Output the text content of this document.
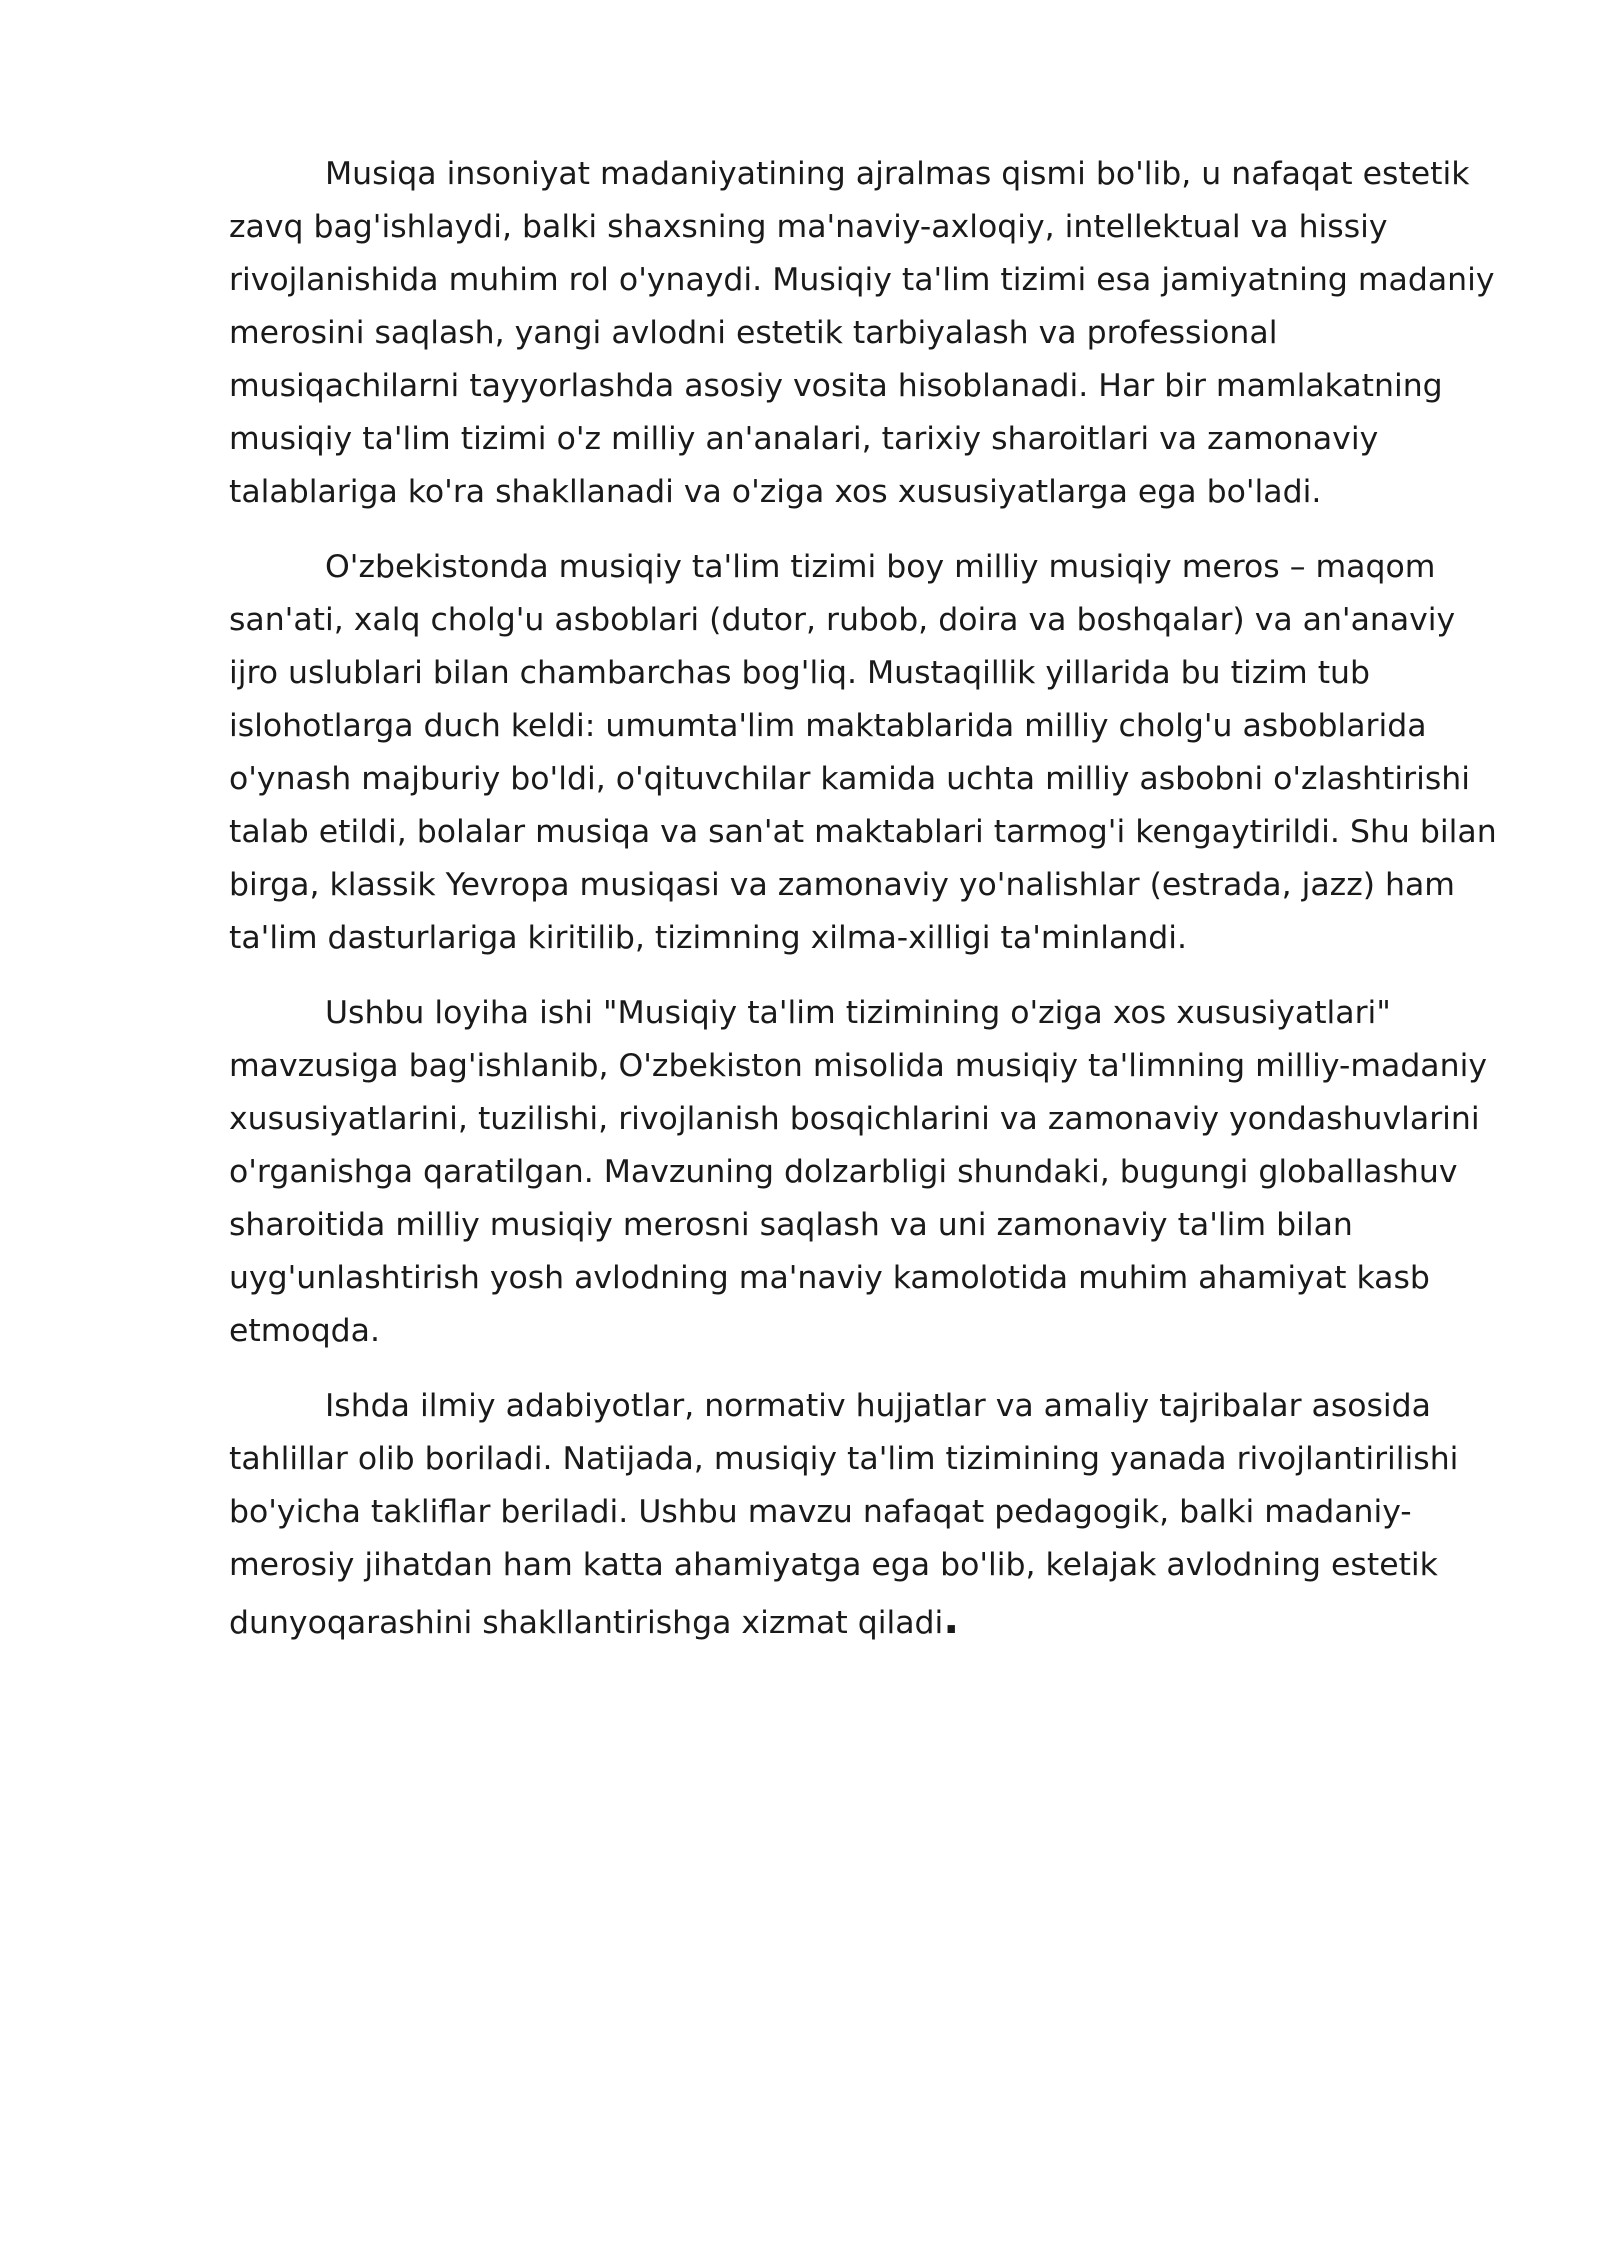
Musiqa insoniyat madaniyatining ajralmas qismi bo'lib, u nafaqat estetik zavq bag'ishlaydi, balki shaxsning ma'naviy-axloqiy, intellektual va hissiy rivojlanishida muhim rol o'ynaydi. Musiqiy ta'lim tizimi esa jamiyatning madaniy merosini saqlash, yangi avlodni estetik tarbiyalash va professional musiqachilarni tayyorlashda asosiy vosita hisoblanadi. Har bir mamlakatning musiqiy ta'lim tizimi o'z milliy an'analari, tarixiy sharoitlari va zamonaviy talablariga ko'ra shakllanadi va o'ziga xos xususiyatlarga ega bo'ladi.

O'zbekistonda musiqiy ta'lim tizimi boy milliy musiqiy meros – maqom san'ati, xalq cholg'u asboblari (dutor, rubob, doira va boshqalar) va an'anaviy ijro uslublari bilan chambarchas bog'liq. Mustaqillik yillarida bu tizim tub islohotlarga duch keldi: umumta'lim maktablarida milliy cholg'u asboblarida o'ynash majburiy bo'ldi, o'qituvchilar kamida uchta milliy asbobni o'zlashtirishi talab etildi, bolalar musiqa va san'at maktablari tarmog'i kengaytirildi. Shu bilan birga, klassik Yevropa musiqasi va zamonaviy yo'nalishlar (estrada, jazz) ham ta'lim dasturlariga kiritilib, tizimning xilma-xilligi ta'minlandi.

Ushbu loyiha ishi "Musiqiy ta'lim tizimining o'ziga xos xususiyatlari" mavzusiga bag'ishlanib, O'zbekiston misolida musiqiy ta'limning milliy-madaniy xususiyatlarini, tuzilishi, rivojlanish bosqichlarini va zamonaviy yondashuvlarini o'rganishga qaratilgan. Mavzuning dolzarbligi shundaki, bugungi globallashuv sharoitida milliy musiqiy merosni saqlash va uni zamonaviy ta'lim bilan uyg'unlashtirish yosh avlodning ma'naviy kamolotida muhim ahamiyat kasb etmoqda.

Ishda ilmiy adabiyotlar, normativ hujjatlar va amaliy tajribalar asosida tahlillar olib boriladi. Natijada, musiqiy ta'lim tizimining yanada rivojlantirilishi bo'yicha takliflar beriladi. Ushbu mavzu nafaqat pedagogik, balki madaniy-merosiy jihatdan ham katta ahamiyatga ega bo'lib, kelajak avlodning estetik dunyoqarashini shakllantirishga xizmat qiladi.
